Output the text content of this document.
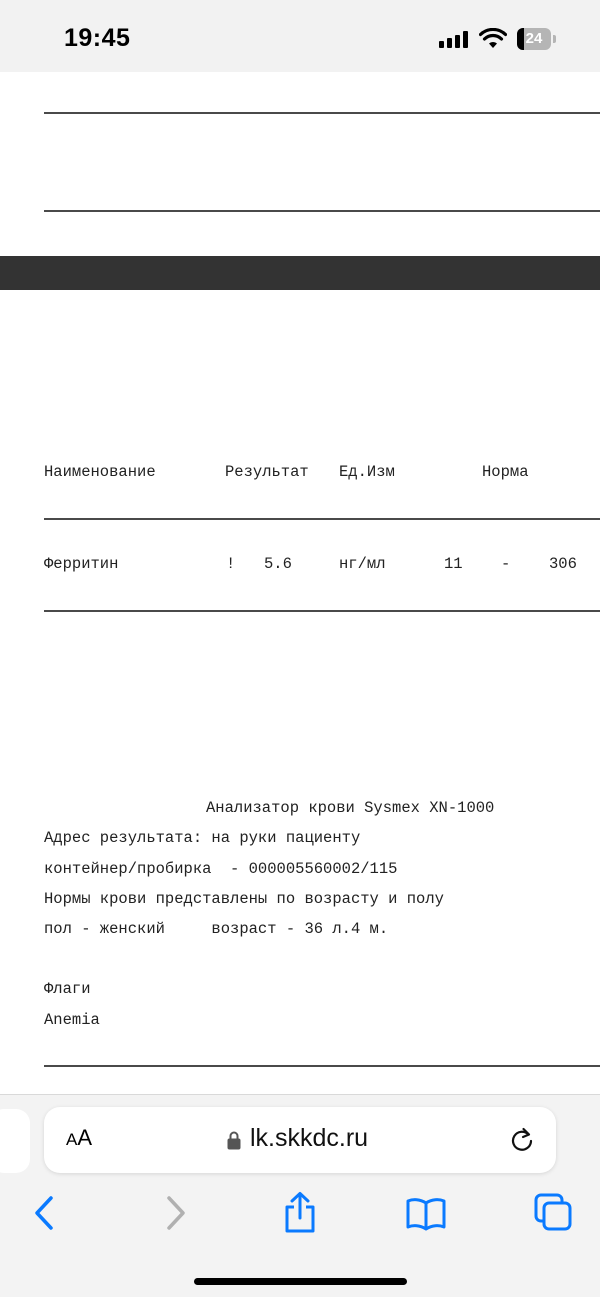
19:45	24
Наименование	Результат Ед.Изм	Норма
Ферритин	! 5.6	нг/мл	11 - 306
Анализатор крови Sysmex XN-1000
Адрес результата: на руки пациенту
контейнер/пробирка  - 000005560002/115
Нормы крови представлены по возрасту и полу
пол - женский     возраст - 36 л.4 м.
Флаги
Anemia
AA	lk.skkdc.ru
